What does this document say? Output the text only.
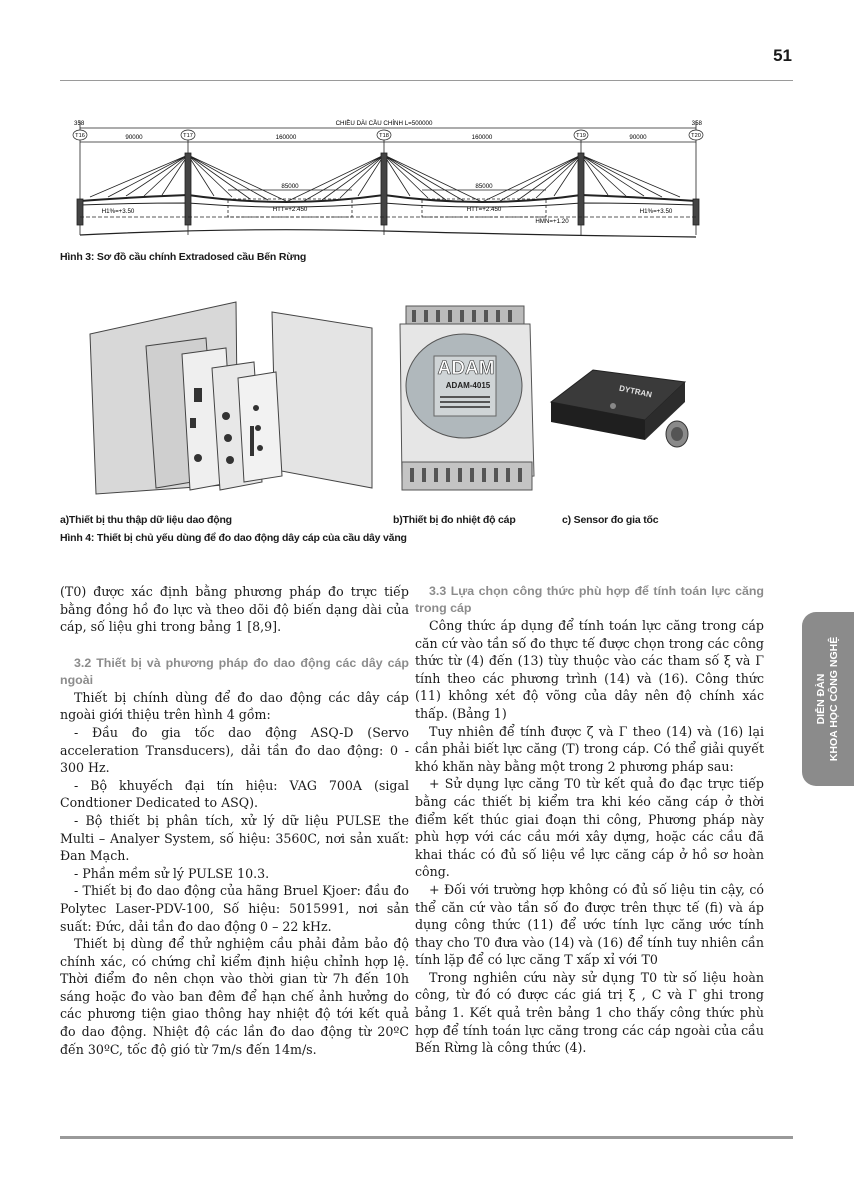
51
CHIỀU DÀI CẦU CHÍNH L=500000
358	358
90000	160000	160000	90000
85000	85000
H1%=+3.50	HTT=+2.450	HTT=+2.450
HMN=+1.20
H1%=+3.50
T16	T17	T18	T19	T20
Hình 3: Sơ đồ cầu chính Extradosed cầu Bến Rừng
a)Thiết bị thu thập dữ liệu dao động
ADAM
ADAM-4015
b)Thiết bị đo nhiệt độ cáp
DYTRAN
c) Sensor đo gia tốc
Hình 4: Thiết bị chủ yếu dùng để đo dao động dây cáp của cầu dây văng

(T0) được xác định bằng phương pháp đo trực tiếp bằng đồng hồ đo lực và theo dõi độ biến dạng dài của cáp, số liệu ghi trong bảng 1 [8,9].

3.2 Thiết bị và phương pháp đo dao động các dây cáp ngoài

Thiết bị chính dùng để đo dao động các dây cáp ngoài giới thiệu trên hình 4 gồm:

- Đầu đo gia tốc dao động ASQ-D (Servo acceleration Transducers), dải tần đo dao động: 0 - 300 Hz.

- Bộ khuyếch đại tín hiệu: VAG 700A (sigal Condtioner Dedicated to ASQ).

- Bộ thiết bị phân tích, xử lý dữ liệu PULSE the Multi – Analyer System, số hiệu: 3560C, nơi sản xuất: Đan Mạch.

- Phần mềm sử lý PULSE 10.3.

- Thiết bị đo dao động của hãng Bruel Kjoer: đầu đo Polytec Laser-PDV-100, Số hiệu: 5015991, nơi sản suất: Đức, dải tần đo dao động 0 – 22 kHz.

Thiết bị dùng để thử nghiệm cầu phải đảm bảo độ chính xác, có chứng chỉ kiểm định hiệu chỉnh hợp lệ. Thời điểm đo nên chọn vào thời gian từ 7h đến 10h sáng hoặc đo vào ban đêm để hạn chế ảnh hưởng do các phương tiện giao thông hay nhiệt độ tới kết quả đo dao động. Nhiệt độ các lần đo dao động từ 20ºC đến 30ºC, tốc độ gió từ 7m/s đến 14m/s.

3.3 Lựa chọn công thức phù hợp để tính toán lực căng trong cáp

Công thức áp dụng để tính toán lực căng trong cáp căn cứ vào tần số đo thực tế được chọn trong các công thức từ (4) đến (13) tùy thuộc vào các tham số ξ và Γ tính theo các phương trình (14) và (16). Công thức (11) không xét độ võng của dây nên độ chính xác thấp. (Bảng 1)

Tuy nhiên để tính được ζ và Γ theo (14) và (16) lại cần phải biết lực căng (T) trong cáp. Có thể giải quyết khó khăn này bằng một trong 2 phương pháp sau:

+ Sử dụng lực căng T0 từ kết quả đo đạc trực tiếp bằng các thiết bị kiểm tra khi kéo căng cáp ở thời điểm kết thúc giai đoạn thi công, Phương pháp này phù hợp với các cầu mới xây dựng, hoặc các cầu đã khai thác có đủ số liệu về lực căng cáp ở hồ sơ hoàn công.

+ Đối với trường hợp không có đủ số liệu tin cậy, có thể căn cứ vào tần số đo được trên thực tế (fi) và áp dụng công thức (11) để ước tính lực căng ước tính thay cho T0 đưa vào (14) và (16) để tính tuy nhiên cần tính lặp để có lực căng T xấp xỉ với T0

Trong nghiên cứu này sử dụng T0 từ số liệu hoàn công, từ đó có được các giá trị ξ , C và Γ ghi trong bảng 1. Kết quả trên bảng 1 cho thấy công thức phù hợp để tính toán lực căng trong các cáp ngoài của cầu Bến Rừng là công thức (4).

DIỄN ĐÀN KHOA HỌC CÔNG NGHỆ
